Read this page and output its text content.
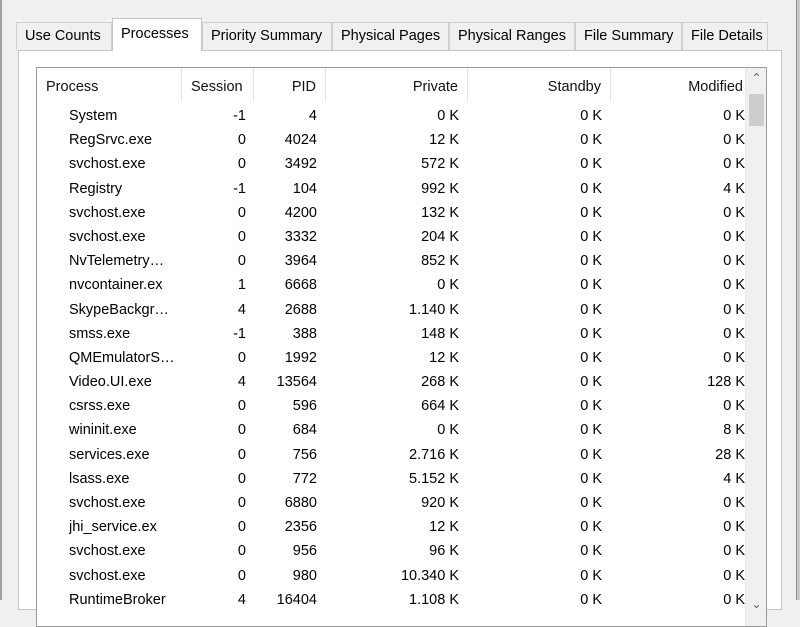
Use Counts	Processes	Priority Summary	Physical Pages	Physical Ranges	File Summary	File Details
Process	Session	PID	Private	Standby	Modified
System	-1	4	0 K	0 K	0 K
RegSrvc.exe	0	4024	12 K	0 K	0 K
svchost.exe	0	3492	572 K	0 K	0 K
Registry	-1	104	992 K	0 K	4 K
svchost.exe	0	4200	132 K	0 K	0 K
svchost.exe	0	3332	204 K	0 K	0 K
NvTelemetry…	0	3964	852 K	0 K	0 K
nvcontainer.ex	1	6668	0 K	0 K	0 K
SkypeBackgr…	4	2688	1.140 K	0 K	0 K
smss.exe	-1	388	148 K	0 K	0 K
QMEmulatorS…	0	1992	12 K	0 K	0 K
Video.UI.exe	4	13564	268 K	0 K	128 K
csrss.exe	0	596	664 K	0 K	0 K
wininit.exe	0	684	0 K	0 K	8 K
services.exe	0	756	2.716 K	0 K	28 K
lsass.exe	0	772	5.152 K	0 K	4 K
svchost.exe	0	6880	920 K	0 K	0 K
jhi_service.ex	0	2356	12 K	0 K	0 K
svchost.exe	0	956	96 K	0 K	0 K
svchost.exe	0	980	10.340 K	0 K	0 K
RuntimeBroker	4	16404	1.108 K	0 K	0 K
⌃
⌄
